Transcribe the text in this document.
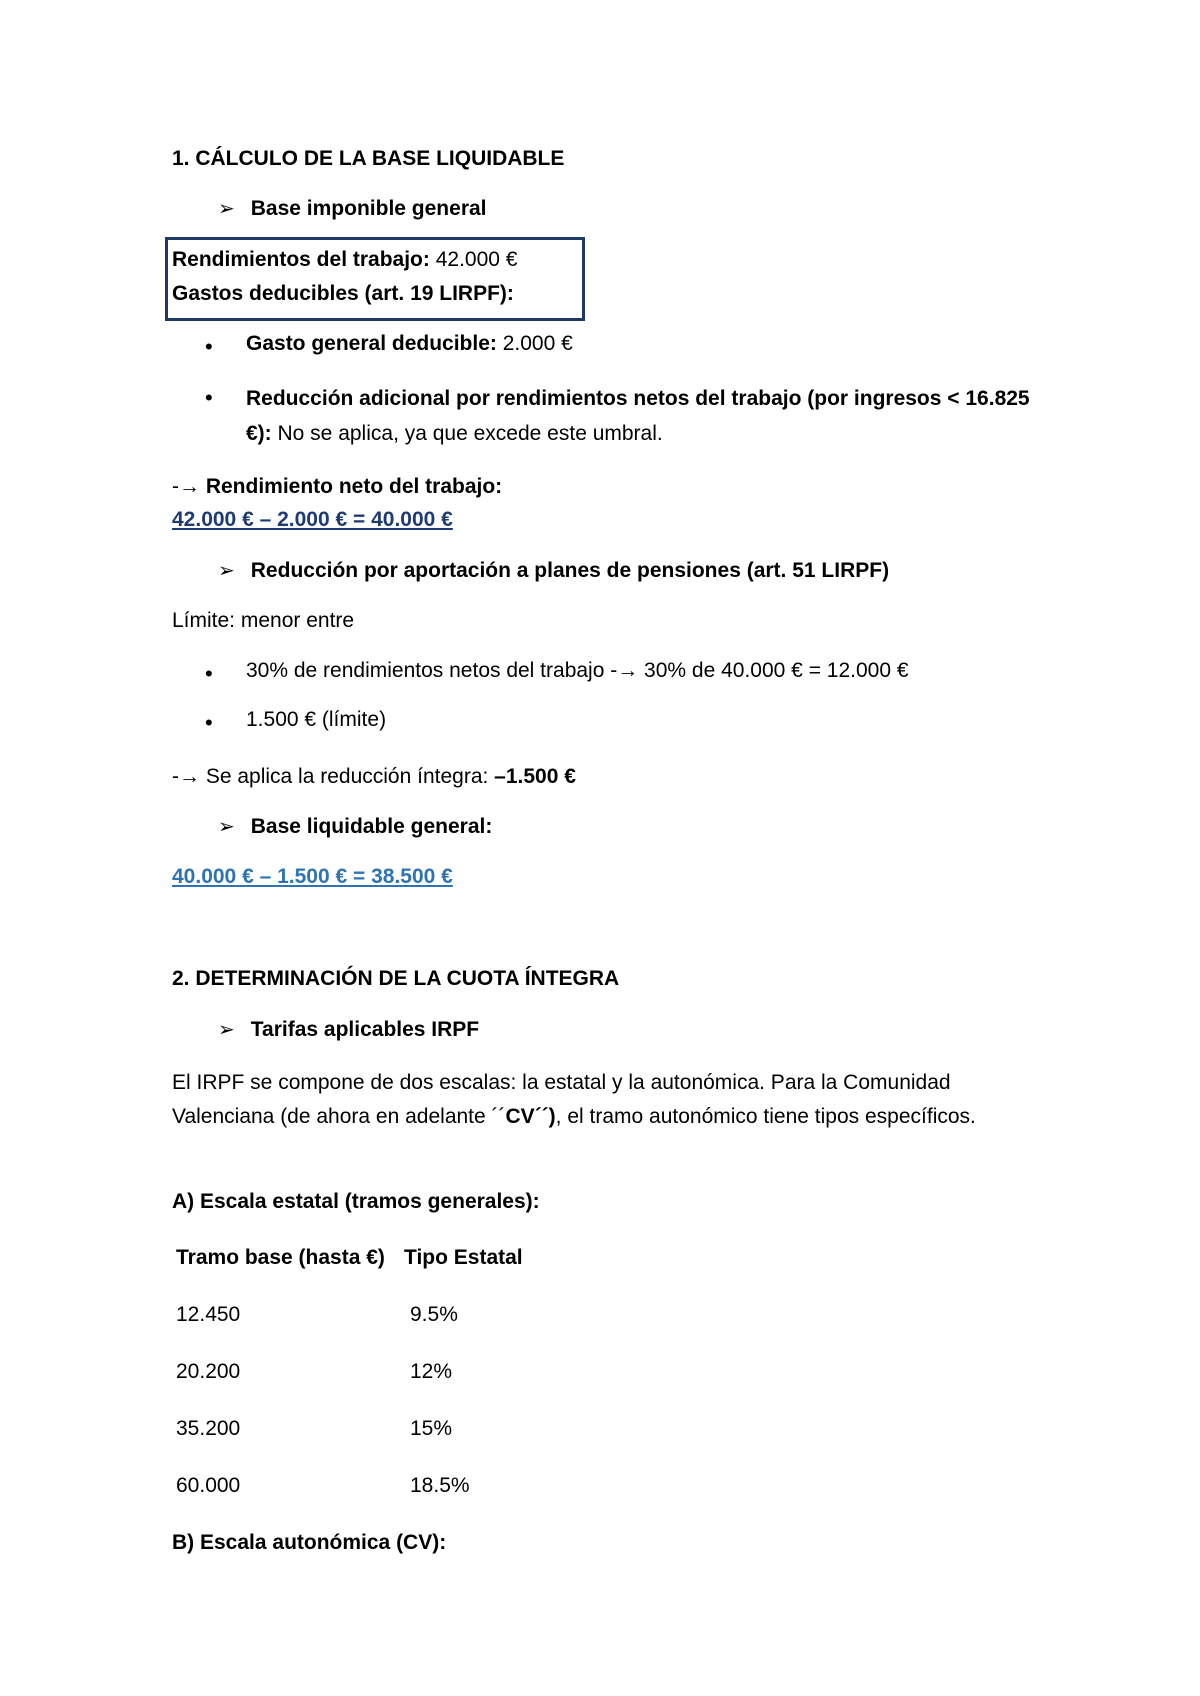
1. CÁLCULO DE LA BASE LIQUIDABLE
➢ Base imponible general
Rendimientos del trabajo: 42.000 €
Gastos deducibles (art. 19 LIRPF):
• Gasto general deducible: 2.000 €
• Reducción adicional por rendimientos netos del trabajo (por ingresos < 16.825 €): No se aplica, ya que excede este umbral.
-→ Rendimiento neto del trabajo:
42.000 € – 2.000 € = 40.000 €
➢ Reducción por aportación a planes de pensiones (art. 51 LIRPF)
Límite: menor entre
• 30% de rendimientos netos del trabajo -→ 30% de 40.000 € = 12.000 €
• 1.500 € (límite)
-→ Se aplica la reducción íntegra: –1.500 €
➢ Base liquidable general:
40.000 € – 1.500 € = 38.500 €
2. DETERMINACIÓN DE LA CUOTA ÍNTEGRA
➢ Tarifas aplicables IRPF
El IRPF se compone de dos escalas: la estatal y la autonómica. Para la Comunidad Valenciana (de ahora en adelante ´´CV´´), el tramo autonómico tiene tipos específicos.
A) Escala estatal (tramos generales):
Tramo base (hasta €) Tipo Estatal
12.450	9.5%
20.200	12%
35.200	15%
60.000	18.5%
B) Escala autonómica (CV):
